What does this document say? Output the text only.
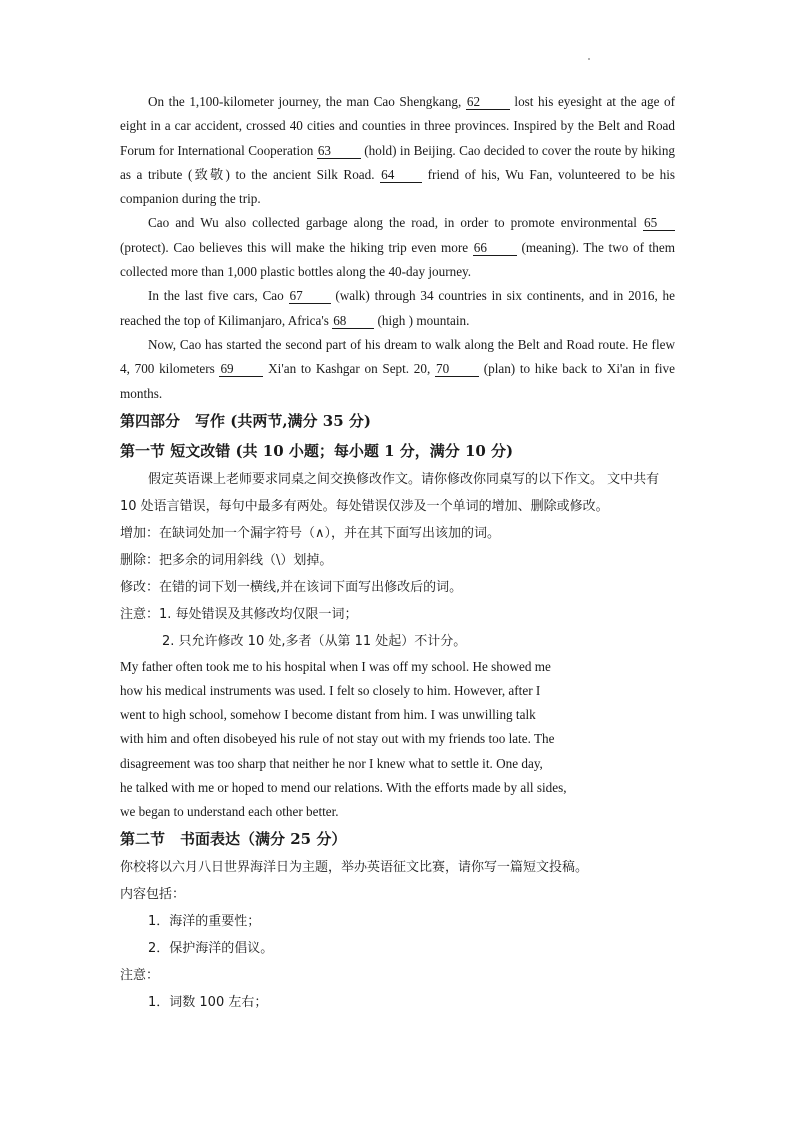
On the 1,100-kilometer journey, the man Cao Shengkang, 62	lost his eyesight at the age of eight in a car accident, crossed 40 cities and counties in three provinces. Inspired by the Belt and Road Forum for International Cooperation 63	(hold) in Beijing. Cao decided to cover the route by hiking as a tribute (致敬) to the ancient Silk Road. 64	friend of his, Wu Fan, volunteered to be his companion during the trip.

Cao and Wu also collected garbage along the road, in order to promote environmental 65 (protect). Cao believes this will make the hiking trip even more 66	(meaning). The two of them collected more than 1,000 plastic bottles along the 40-day journey.

In the last five cars, Cao 67 (walk) through 34 countries in six continents, and in 2016, he reached the top of Kilimanjaro, Africa's 68 (high ) mountain.

Now, Cao has started the second part of his dream to walk along the Belt and Road route. He flew 4, 700 kilometers 69	Xi'an to Kashgar on Sept. 20, 70	(plan) to hike back to Xi'an in five months.

第四部分　写作 (共两节,满分 35 分)

第一节 短文改错 (共 10 小题；每小题 1 分，满分 10 分)

假定英语课上老师要求同桌之间交换修改作文。请你修改你同桌写的以下作文。 文中共有 10 处语言错误，每句中最多有两处。每处错误仅涉及一个单词的增加、删除或修改。

增加：在缺词处加一个漏字符号（∧），并在其下面写出该加的词。

删除：把多余的词用斜线（\）划掉。

修改：在错的词下划一横线,并在该词下面写出修改后的词。

注意：1. 每处错误及其修改均仅限一词；

2. 只允许修改 10 处,多者（从第 11 处起）不计分。

My father often took me to his hospital when I was off my school. He showed me

how his medical instruments was used. I felt so closely to him. However, after I

went to high school, somehow I become distant from him. I was unwilling talk

with him and often disobeyed his rule of not stay out with my friends too late. The

disagreement was too sharp that neither he nor I knew what to settle it. One day,

he talked with me or hoped to mend our relations. With the efforts made by all sides,

we began to understand each other better.

第二节　书面表达（满分 25 分）

你校将以六月八日世界海洋日为主题，举办英语征文比赛，请你写一篇短文投稿。

内容包括：

1．海洋的重要性；

2．保护海洋的倡议。

注意：

1．词数 100 左右；
